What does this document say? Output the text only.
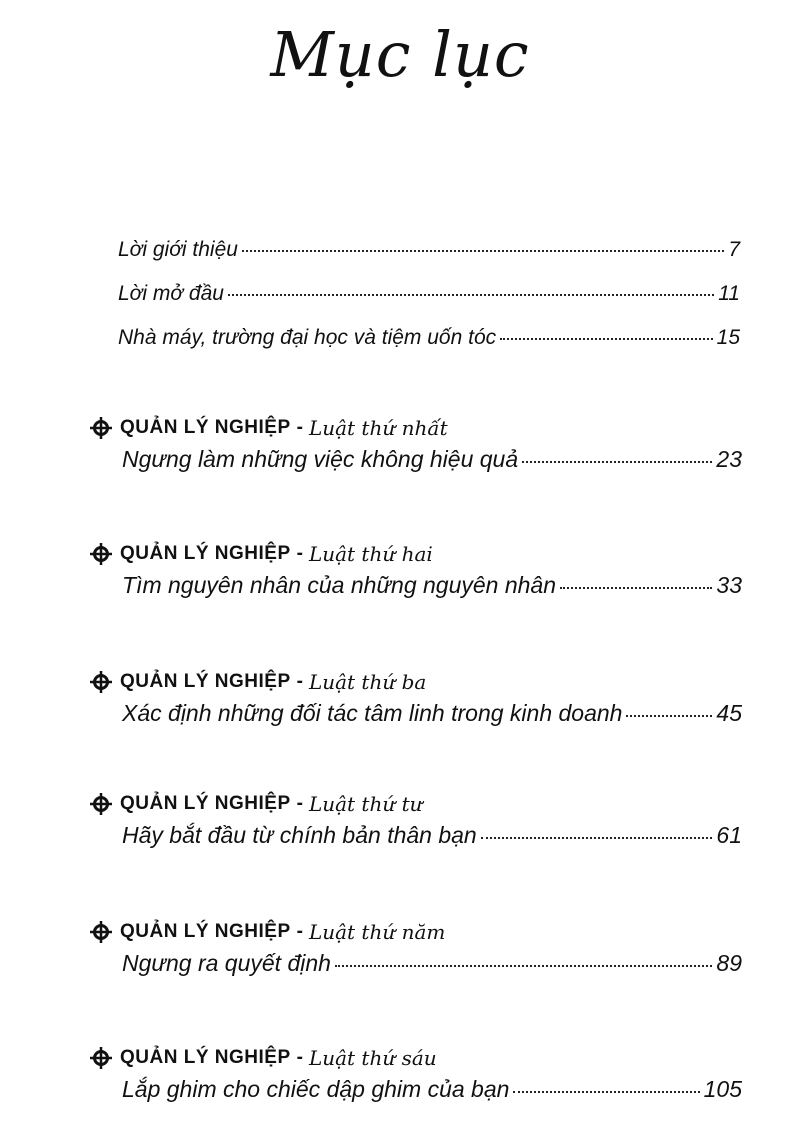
Mục lục
Lời giới thiệu	7
Lời mở đầu	11
Nhà máy, trường đại học và tiệm uốn tóc	15
QUẢN LÝ NGHIỆP - Luật thứ nhất
Ngưng làm những việc không hiệu quả	23
QUẢN LÝ NGHIỆP - Luật thứ hai
Tìm nguyên nhân của những nguyên nhân	33
QUẢN LÝ NGHIỆP - Luật thứ ba
Xác định những đối tác tâm linh trong kinh doanh	45
QUẢN LÝ NGHIỆP - Luật thứ tư
Hãy bắt đầu từ chính bản thân bạn	61
QUẢN LÝ NGHIỆP - Luật thứ năm
Ngưng ra quyết định	89
QUẢN LÝ NGHIỆP - Luật thứ sáu
Lắp ghim cho chiếc dập ghim của bạn	105
